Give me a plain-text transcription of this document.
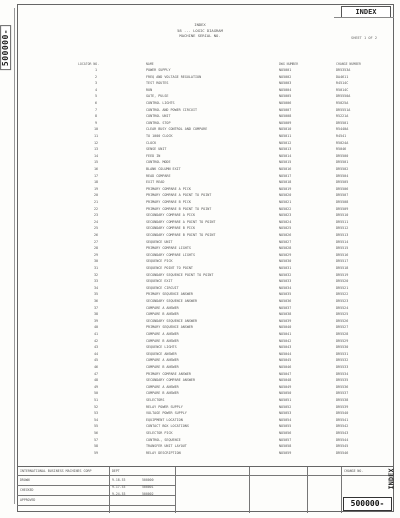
500000-
INDEX
INDEX
58 ... LOGIC DIAGRAM
MACHINE SERIAL NO.	SHEET 1 OF 2
LOCATOR NO.	NAME	DWG NUMBER	CHANGE NUMBER
1	POWER SUPPLY	NO5001	DR5353A
2	FREQ AND VOLTAGE REGULATION	NO5002	DA4611
3	TEST ROUTES	NO5003	R4514C
4	RUN	NO5004	R5014C
5	GATE, PULSE	NO5005	DR5550A
6	CONTROL LIGHTS	NO5006	R5025A
7	CONTROL AND POWER CIRCUIT	NO5007	DR5551A
8	CONTROL UNIT	NO5008	R5221A
9	CONTROL STOP	NO5009	DR5501
10	CLEAR BUSY CONTROL AND COMPARE	NO5010	R5440A
11	TO 1000 CLOCK	NO5011	R4541
12	CLOCK	NO5012	R5024A
13	SENSE UNIT	NO5013	R5046
14	FEED IN	NO5014	DR5500
15	CONTROL MODE	NO5015	DR5501
16	BLANK COLUMN EXIT	NO5016	DR5502
17	READ COMPARE	NO5017	DR5504
18	EXIT READ	NO5018	DR5505
19	PRIMARY COMPARE A PICK	NO5019	DR5506
20	PRIMARY COMPARE A POINT TO POINT	NO5020	DR5507
21	PRIMARY COMPARE B PICK	NO5021	DR5508
22	PRIMARY COMPARE B POINT TO POINT	NO5022	DR5509
23	SECONDARY COMPARE A PICK	NO5023	DR5510
24	SECONDARY COMPARE A POINT TO POINT	NO5024	DR5511
25	SECONDARY COMPARE B PICK	NO5025	DR5512
26	SECONDARY COMPARE B POINT TO POINT	NO5026	DR5513
27	SEQUENCE UNIT	NO5027	DR5514
28	PRIMARY COMPARE LIGHTS	NO5028	DR5515
29	SECONDARY COMPARE LIGHTS	NO5029	DR5516
30	SEQUENCE PICK	NO5030	DR5517
31	SEQUENCE POINT TO POINT	NO5031	DR5518
32	SECONDARY SEQUENCE POINT TO POINT	NO5032	DR5519
33	SEQUENCE EXIT	NO5033	DR5520
34	SEQUENCE CIRCUIT	NO5034	DR5521
35	PRIMARY SEQUENCE ANSWER	NO5035	DR5522
36	SECONDARY SEQUENCE ANSWER	NO5036	DR5523
37	COMPARE A ANSWER	NO5037	DR5524
38	COMPARE B ANSWER	NO5038	DR5525
39	SECONDARY SEQUENCE ANSWER	NO5039	DR5526
40	PRIMARY SEQUENCE ANSWER	NO5040	DR5527
41	COMPARE A ANSWER	NO5041	DR5528
42	COMPARE B ANSWER	NO5042	DR5529
43	SEQUENCE LIGHTS	NO5043	DR5530
44	SEQUENCE ANSWER	NO5044	DR5531
45	COMPARE A ANSWER	NO5045	DR5532
46	COMPARE B ANSWER	NO5046	DR5533
47	PRIMARY COMPARE ANSWER	NO5047	DR5534
48	SECONDARY COMPARE ANSWER	NO5048	DR5535
49	COMPARE A ANSWER	NO5049	DR5536
50	COMPARE B ANSWER	NO5050	DR5537
51	SELECTORS	NO5051	DR5538
52	RELAY POWER SUPPLY	NO5052	DR5539
53	VOLTAGE POWER SUPPLY	NO5053	DR5540
54	EQUIPMENT LOCATION	NO5054	DR5541
55	CONTACT BOX LOCATIONS	NO5055	DR5542
56	SELECTOR PICK	NO5056	DR5543
57	CONTROL, SEQUENCE	NO5057	DR5544
58	TRANSFER UNIT LAYOUT	NO5058	DR5545
59	RELAY DESCRIPTION	NO5059	DR5546
INTERNATIONAL BUSINESS MACHINES CORP	DEPT
DRAWN
CHECKED
APPROVED
9-18-53
9-17-53
9-24-53
500000
500001
500002
CHANGE NO.
500000-
INDEX
